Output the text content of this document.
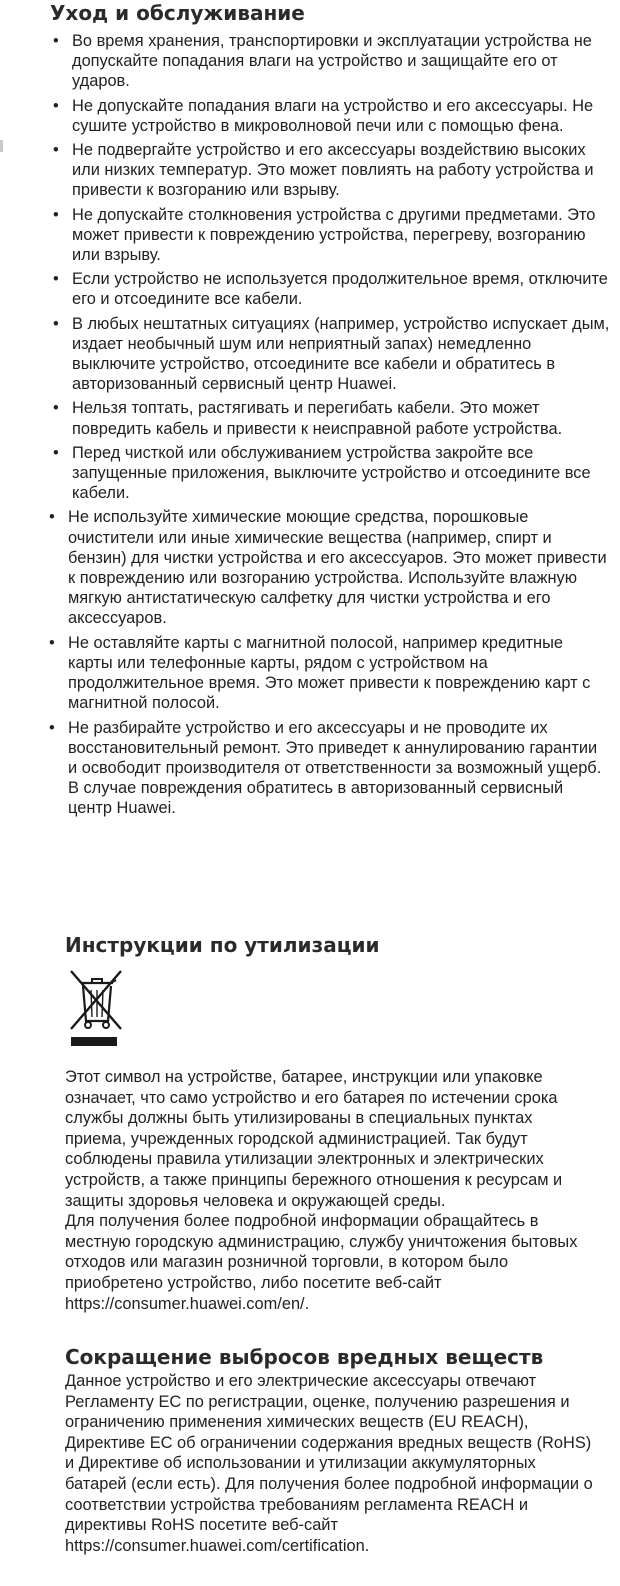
Уход и обслуживание
• Во время хранения, транспортировки и эксплуатации устройства не допускайте попадания влаги на устройство и защищайте его от ударов.
• Не допускайте попадания влаги на устройство и его аксессуары. Не сушите устройство в микроволновой печи или с помощью фена.
• Не подвергайте устройство и его аксессуары воздействию высоких или низких температур. Это может повлиять на работу устройства и привести к возгоранию или взрыву.
• Не допускайте столкновения устройства с другими предметами. Это может привести к повреждению устройства, перегреву, возгоранию или взрыву.
• Если устройство не используется продолжительное время, отключите его и отсоедините все кабели.
• В любых нештатных ситуациях (например, устройство испускает дым, издает необычный шум или неприятный запах) немедленно выключите устройство, отсоедините все кабели и обратитесь в авторизованный сервисный центр Huawei.
• Нельзя топтать, растягивать и перегибать кабели. Это может повредить кабель и привести к неисправной работе устройства.
• Перед чисткой или обслуживанием устройства закройте все запущенные приложения, выключите устройство и отсоедините все кабели.
• Не используйте химические моющие средства, порошковые очистители или иные химические вещества (например, спирт и бензин) для чистки устройства и его аксессуаров. Это может привести к повреждению или возгоранию устройства. Используйте влажную мягкую антистатическую салфетку для чистки устройства и его аксессуаров.
• Не оставляйте карты с магнитной полосой, например кредитные карты или телефонные карты, рядом с устройством на продолжительное время. Это может привести к повреждению карт с магнитной полосой.
• Не разбирайте устройство и его аксессуары и не проводите их восстановительный ремонт. Это приведет к аннулированию гарантии и освободит производителя от ответственности за возможный ущерб. В случае повреждения обратитесь в авторизованный сервисный центр Huawei.
Инструкции по утилизации

Этот символ на устройстве, батарее, инструкции или упаковке означает, что само устройство и его батарея по истечении срока службы должны быть утилизированы в специальных пунктах приема, учрежденных городской администрацией. Так будут соблюдены правила утилизации электронных и электрических устройств, а также принципы бережного отношения к ресурсам и защиты здоровья человека и окружающей среды.

Для получения более подробной информации обращайтесь в местную городскую администрацию, службу уничтожения бытовых отходов или магазин розничной торговли, в котором было приобретено устройство, либо посетите веб-сайт https://consumer.huawei.com/en/.

Сокращение выбросов вредных веществ

Данное устройство и его электрические аксессуары отвечают Регламенту ЕС по регистрации, оценке, получению разрешения и ограничению применения химических веществ (EU REACH), Директиве ЕС об ограничении содержания вредных веществ (RoHS) и Директиве об использовании и утилизации аккумуляторных батарей (если есть). Для получения более подробной информации о соответствии устройства требованиям регламента REACH и директивы RoHS посетите веб-сайт https://consumer.huawei.com/certification.
